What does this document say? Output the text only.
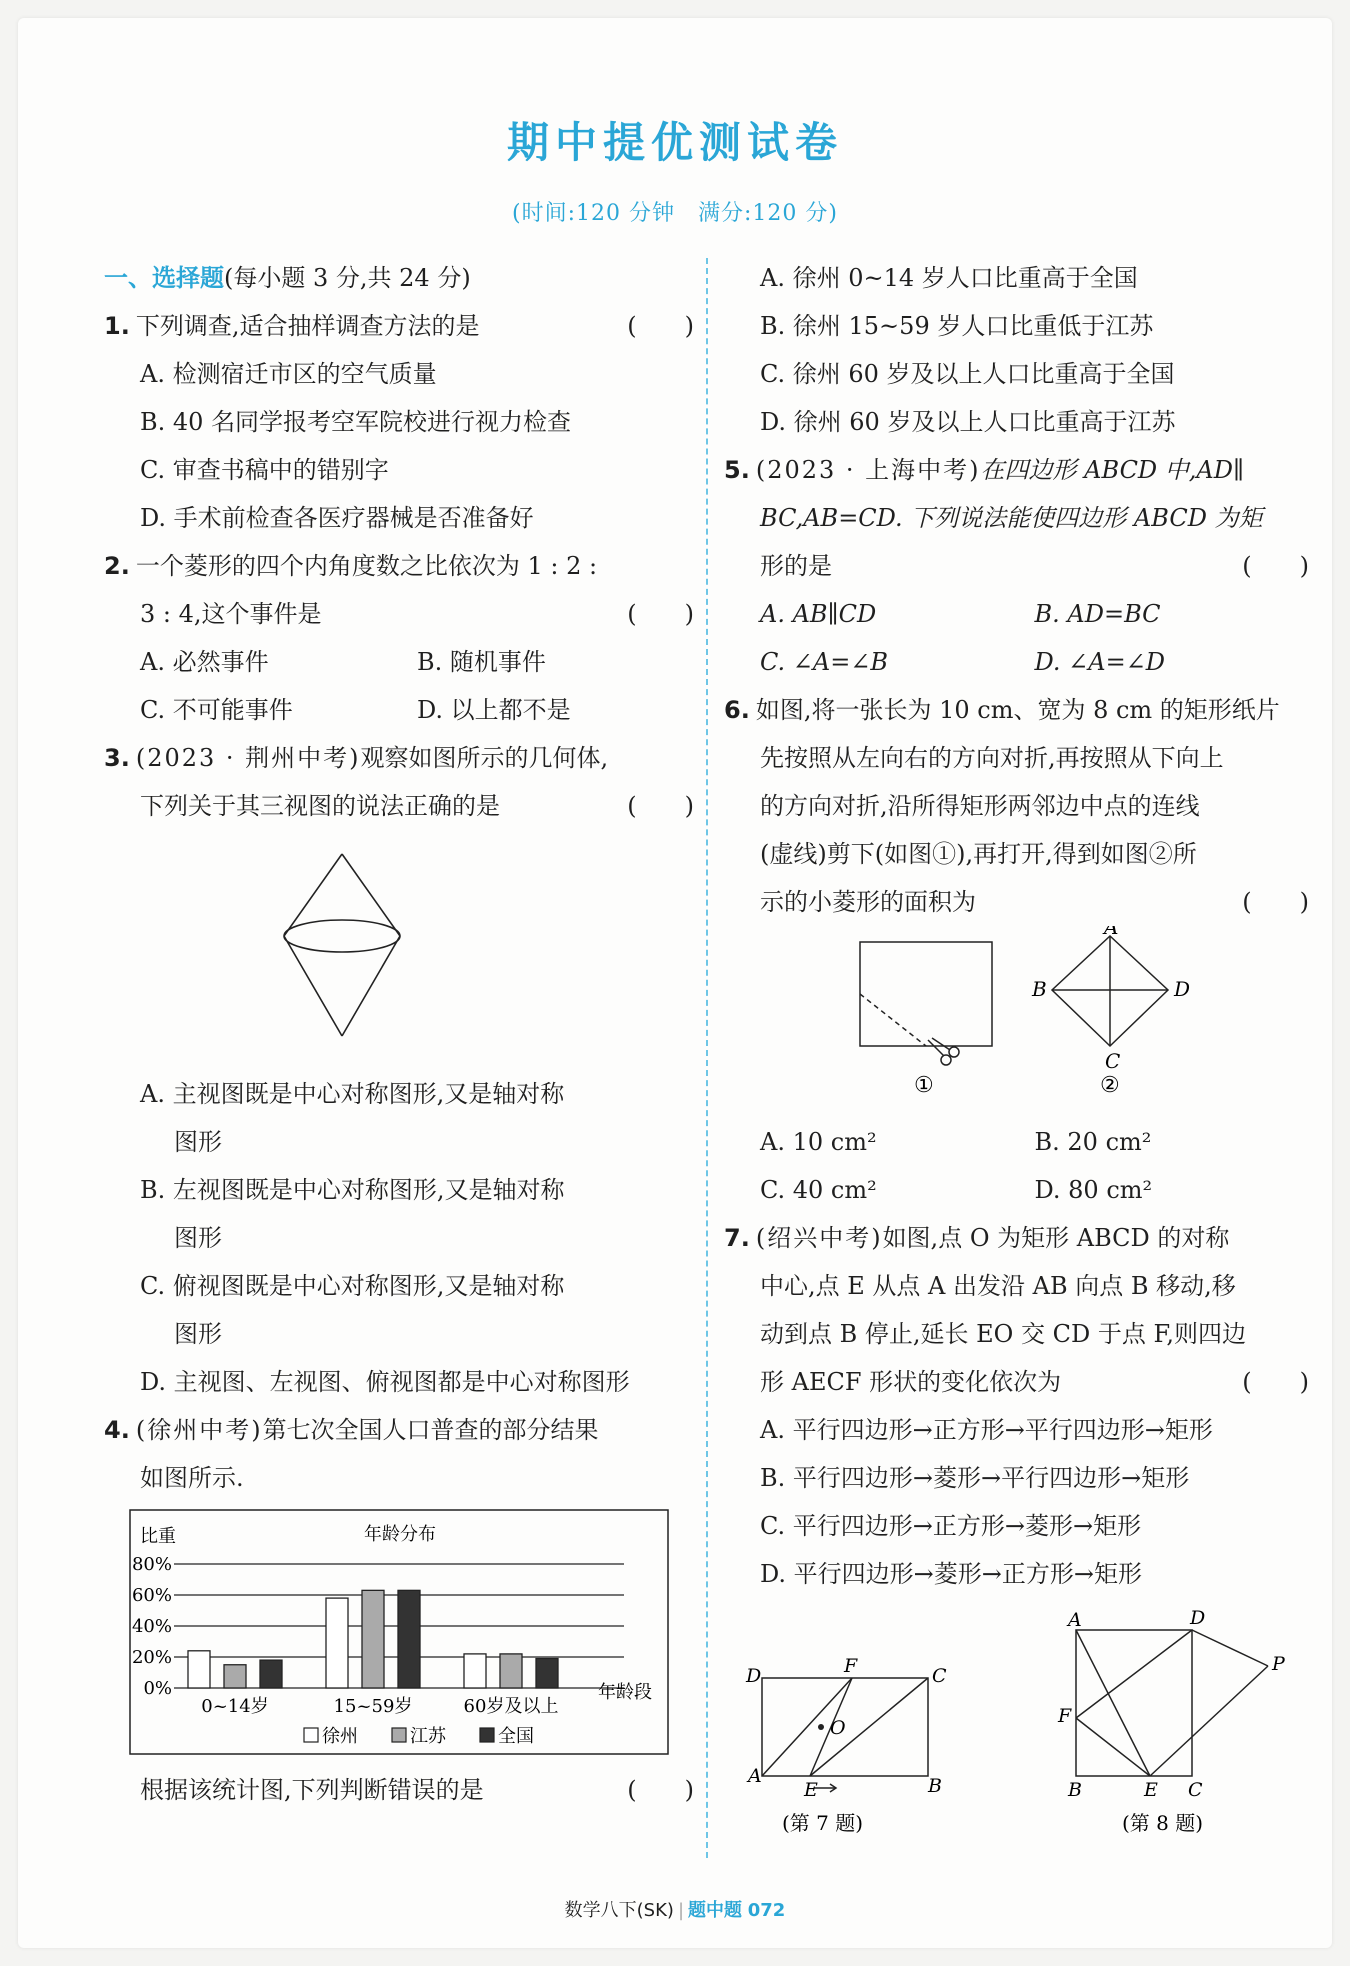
期中提优测试卷
(时间:120 分钟　满分:120 分)
一、选择题(每小题 3 分,共 24 分)
1. 下列调查,适合抽样调查方法的是	(　　)
A. 检测宿迁市区的空气质量
B. 40 名同学报考空军院校进行视力检查
C. 审查书稿中的错别字
D. 手术前检查各医疗器械是否准备好
2. 一个菱形的四个内角度数之比依次为 1 : 2 :
3 : 4,这个事件是	(　　)
A. 必然事件	B. 随机事件
C. 不可能事件	D. 以上都不是
3. (2023 · 荆州中考)观察如图所示的几何体,
下列关于其三视图的说法正确的是	(　　)
A. 主视图既是中心对称图形,又是轴对称
图形
B. 左视图既是中心对称图形,又是轴对称
图形
C. 俯视图既是中心对称图形,又是轴对称
图形
D. 主视图、左视图、俯视图都是中心对称图形
4. (徐州中考)第七次全国人口普查的部分结果
如图所示.
比重	年龄分布
80%
60%
40%
20%
0%
0~14岁	15~59岁	60岁及以上
年龄段
徐州	江苏	全国
根据该统计图,下列判断错误的是	(　　)
A. 徐州 0~14 岁人口比重高于全国
B. 徐州 15~59 岁人口比重低于江苏
C. 徐州 60 岁及以上人口比重高于全国
D. 徐州 60 岁及以上人口比重高于江苏
5. (2023 · 上海中考)在四边形 ABCD 中,AD∥
BC,AB=CD. 下列说法能使四边形 ABCD 为矩
形的是	(　　)
A. AB∥CD	B. AD=BC
C. ∠A=∠B	D. ∠A=∠D
6. 如图,将一张长为 10 cm、宽为 8 cm 的矩形纸片
先按照从左向右的方向对折,再按照从下向上
的方向对折,沿所得矩形两邻边中点的连线
(虚线)剪下(如图①),再打开,得到如图②所
示的小菱形的面积为	(　　)
A
B
C
D
①	②
A. 10 cm²	B. 20 cm²
C. 40 cm²	D. 80 cm²
7. (绍兴中考)如图,点 O 为矩形 ABCD 的对称
中心,点 E 从点 A 出发沿 AB 向点 B 移动,移
动到点 B 停止,延长 EO 交 CD 于点 F,则四边
形 AECF 形状的变化依次为	(　　)
A. 平行四边形→正方形→平行四边形→矩形
B. 平行四边形→菱形→平行四边形→矩形
C. 平行四边形→正方形→菱形→矩形
D. 平行四边形→菱形→正方形→矩形
D	F	C
O
A
E	B
(第 7 题)
A	D
P
F
B	E C
(第 8 题)
数学八下(SK) | 题中题 072
